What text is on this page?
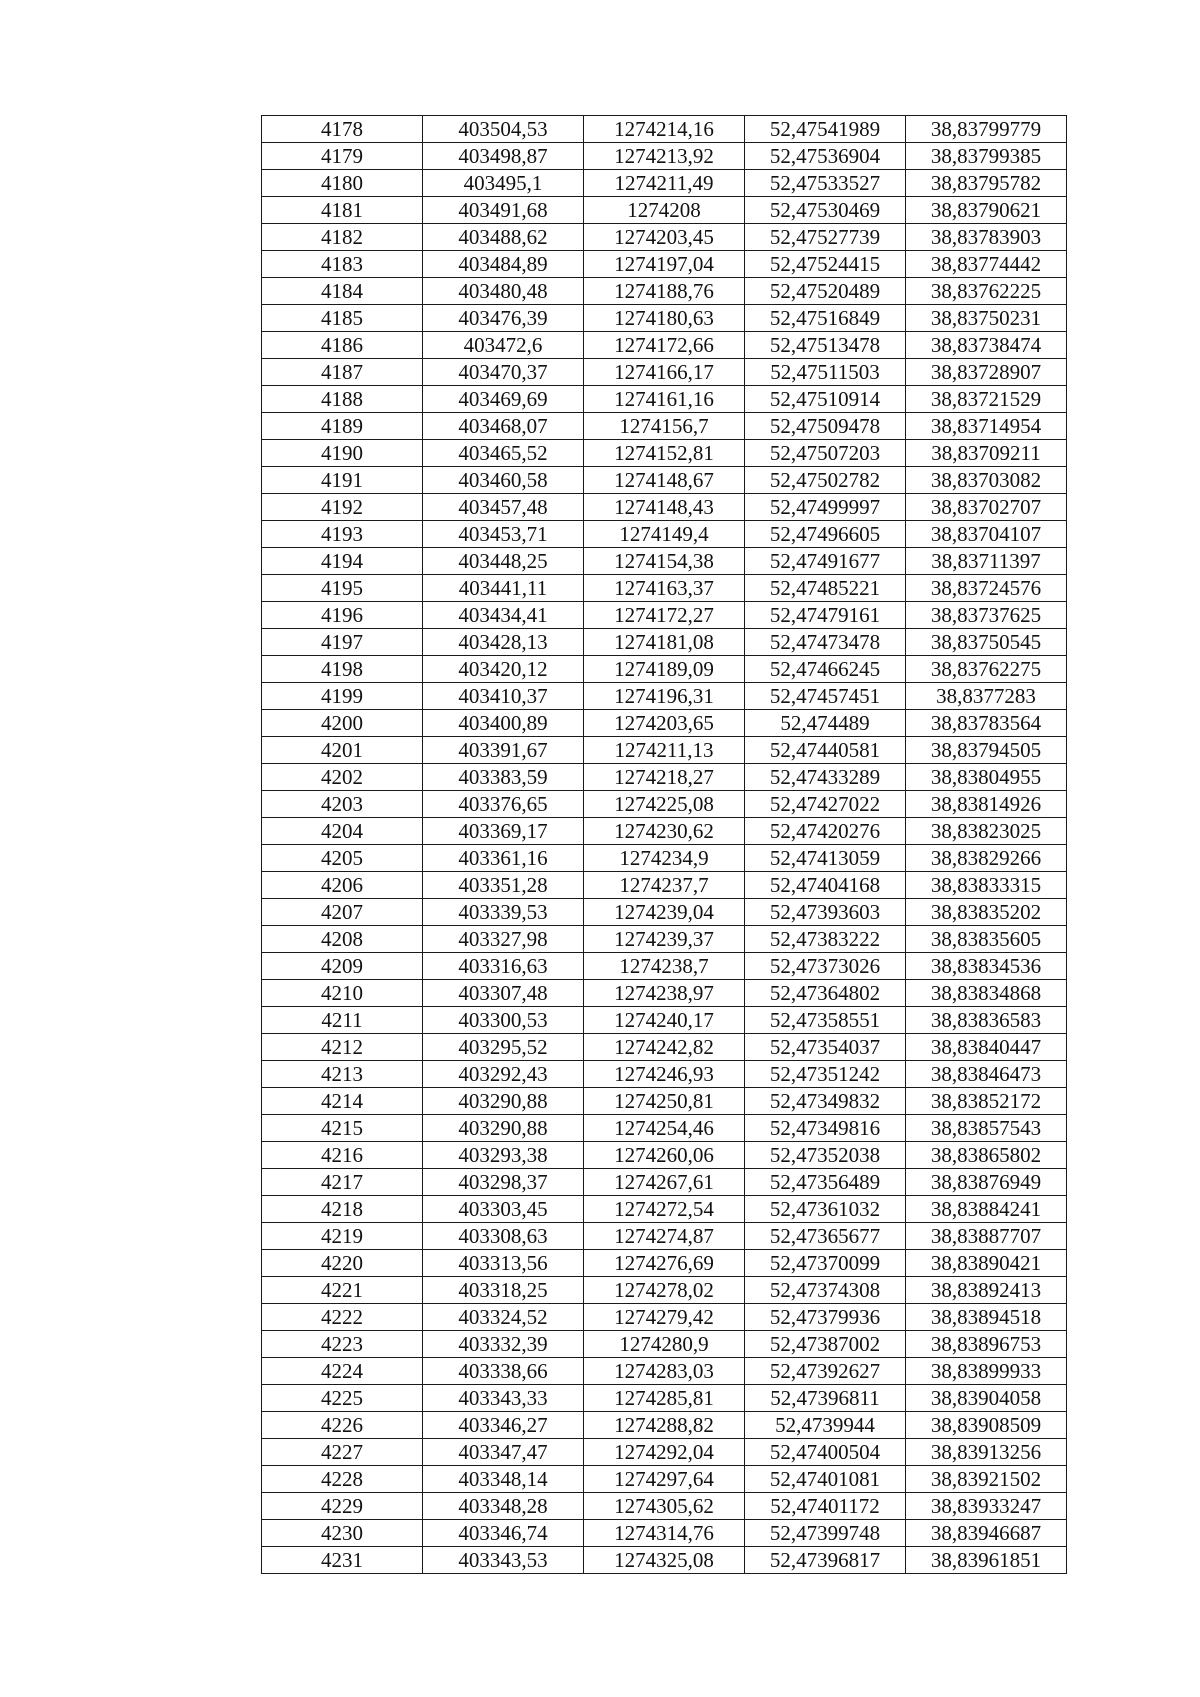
4178	403504,53	1274214,16	52,47541989	38,83799779
4179	403498,87	1274213,92	52,47536904	38,83799385
4180	403495,1	1274211,49	52,47533527	38,83795782
4181	403491,68	1274208	52,47530469	38,83790621
4182	403488,62	1274203,45	52,47527739	38,83783903
4183	403484,89	1274197,04	52,47524415	38,83774442
4184	403480,48	1274188,76	52,47520489	38,83762225
4185	403476,39	1274180,63	52,47516849	38,83750231
4186	403472,6	1274172,66	52,47513478	38,83738474
4187	403470,37	1274166,17	52,47511503	38,83728907
4188	403469,69	1274161,16	52,47510914	38,83721529
4189	403468,07	1274156,7	52,47509478	38,83714954
4190	403465,52	1274152,81	52,47507203	38,83709211
4191	403460,58	1274148,67	52,47502782	38,83703082
4192	403457,48	1274148,43	52,47499997	38,83702707
4193	403453,71	1274149,4	52,47496605	38,83704107
4194	403448,25	1274154,38	52,47491677	38,83711397
4195	403441,11	1274163,37	52,47485221	38,83724576
4196	403434,41	1274172,27	52,47479161	38,83737625
4197	403428,13	1274181,08	52,47473478	38,83750545
4198	403420,12	1274189,09	52,47466245	38,83762275
4199	403410,37	1274196,31	52,47457451	38,8377283
4200	403400,89	1274203,65	52,474489	38,83783564
4201	403391,67	1274211,13	52,47440581	38,83794505
4202	403383,59	1274218,27	52,47433289	38,83804955
4203	403376,65	1274225,08	52,47427022	38,83814926
4204	403369,17	1274230,62	52,47420276	38,83823025
4205	403361,16	1274234,9	52,47413059	38,83829266
4206	403351,28	1274237,7	52,47404168	38,83833315
4207	403339,53	1274239,04	52,47393603	38,83835202
4208	403327,98	1274239,37	52,47383222	38,83835605
4209	403316,63	1274238,7	52,47373026	38,83834536
4210	403307,48	1274238,97	52,47364802	38,83834868
4211	403300,53	1274240,17	52,47358551	38,83836583
4212	403295,52	1274242,82	52,47354037	38,83840447
4213	403292,43	1274246,93	52,47351242	38,83846473
4214	403290,88	1274250,81	52,47349832	38,83852172
4215	403290,88	1274254,46	52,47349816	38,83857543
4216	403293,38	1274260,06	52,47352038	38,83865802
4217	403298,37	1274267,61	52,47356489	38,83876949
4218	403303,45	1274272,54	52,47361032	38,83884241
4219	403308,63	1274274,87	52,47365677	38,83887707
4220	403313,56	1274276,69	52,47370099	38,83890421
4221	403318,25	1274278,02	52,47374308	38,83892413
4222	403324,52	1274279,42	52,47379936	38,83894518
4223	403332,39	1274280,9	52,47387002	38,83896753
4224	403338,66	1274283,03	52,47392627	38,83899933
4225	403343,33	1274285,81	52,47396811	38,83904058
4226	403346,27	1274288,82	52,4739944	38,83908509
4227	403347,47	1274292,04	52,47400504	38,83913256
4228	403348,14	1274297,64	52,47401081	38,83921502
4229	403348,28	1274305,62	52,47401172	38,83933247
4230	403346,74	1274314,76	52,47399748	38,83946687
4231	403343,53	1274325,08	52,47396817	38,83961851
